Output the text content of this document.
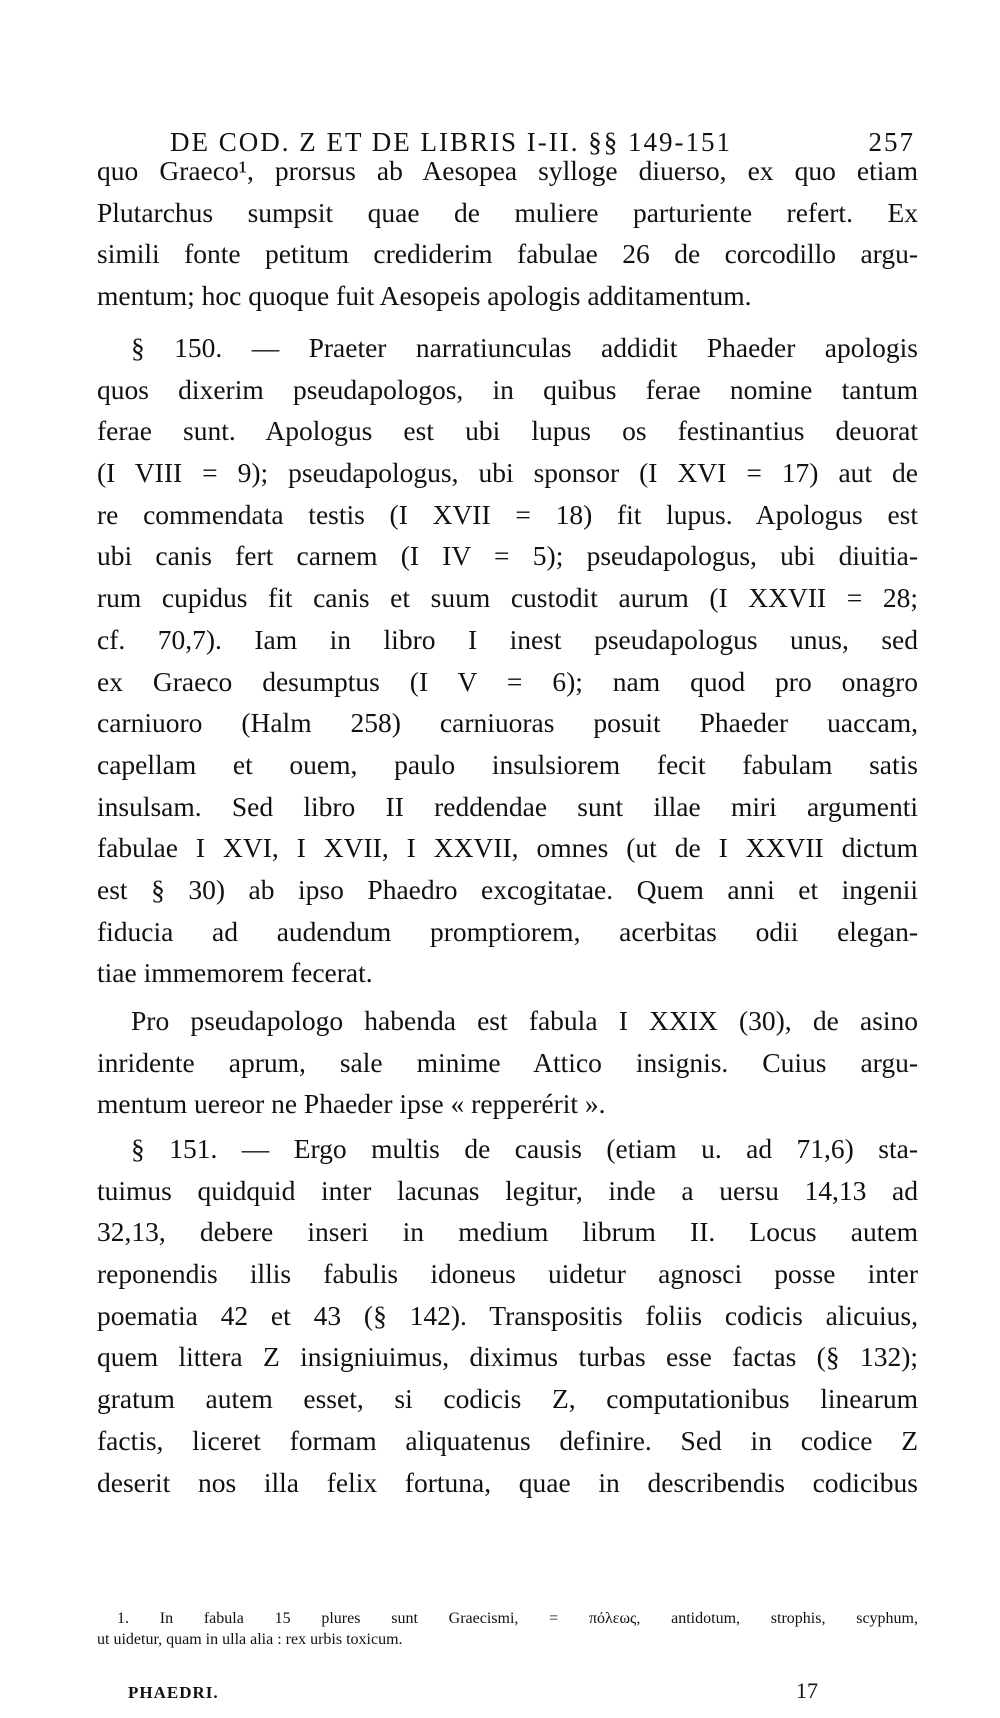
DE COD. Z ET DE LIBRIS I-II. §§ 149-151	257
quo Graeco¹, prorsus ab Aesopea sylloge diuerso, ex quo etiam
Plutarchus sumpsit quae de muliere parturiente refert. Ex
simili fonte petitum crediderim fabulae 26 de corcodillo argu-
mentum; hoc quoque fuit Aesopeis apologis additamentum.
§ 150. — Praeter narratiunculas addidit Phaeder apologis
quos dixerim pseudapologos, in quibus ferae nomine tantum
ferae sunt. Apologus est ubi lupus os festinantius deuorat
(I VIII = 9); pseudapologus, ubi sponsor (I XVI = 17) aut de
re commendata testis (I XVII = 18) fit lupus. Apologus est
ubi canis fert carnem (I IV = 5); pseudapologus, ubi diuitia-
rum cupidus fit canis et suum custodit aurum (I XXVII = 28;
cf. 70,7). Iam in libro I inest pseudapologus unus, sed
ex Graeco desumptus (I V = 6); nam quod pro onagro
carniuoro (Halm 258) carniuoras posuit Phaeder uaccam,
capellam et ouem, paulo insulsiorem fecit fabulam satis
insulsam. Sed libro II reddendae sunt illae miri argumenti
fabulae I XVI, I XVII, I XXVII, omnes (ut de I XXVII dictum
est § 30) ab ipso Phaedro excogitatae. Quem anni et ingenii
fiducia ad audendum promptiorem, acerbitas odii elegan-
tiae immemorem fecerat.
Pro pseudapologo habenda est fabula I XXIX (30), de asino
inridente aprum, sale minime Attico insignis. Cuius argu-
mentum uereor ne Phaeder ipse « repperérit ».
§ 151. — Ergo multis de causis (etiam u. ad 71,6) sta-
tuimus quidquid inter lacunas legitur, inde a uersu 14,13 ad
32,13, debere inseri in medium librum II. Locus autem
reponendis illis fabulis idoneus uidetur agnosci posse inter
poematia 42 et 43 (§ 142). Transpositis foliis codicis alicuius,
quem littera Z insigniuimus, diximus turbas esse factas (§ 132);
gratum autem esset, si codicis Z, computationibus linearum
factis, liceret formam aliquatenus definire. Sed in codice Z
deserit nos illa felix fortuna, quae in describendis codicibus
1. In fabula 15 plures sunt Graecismi, = πόλεως, antidotum, strophis, scyphum,
ut uidetur, quam in ulla alia : rex urbis toxicum.
PHAEDRI.	17
